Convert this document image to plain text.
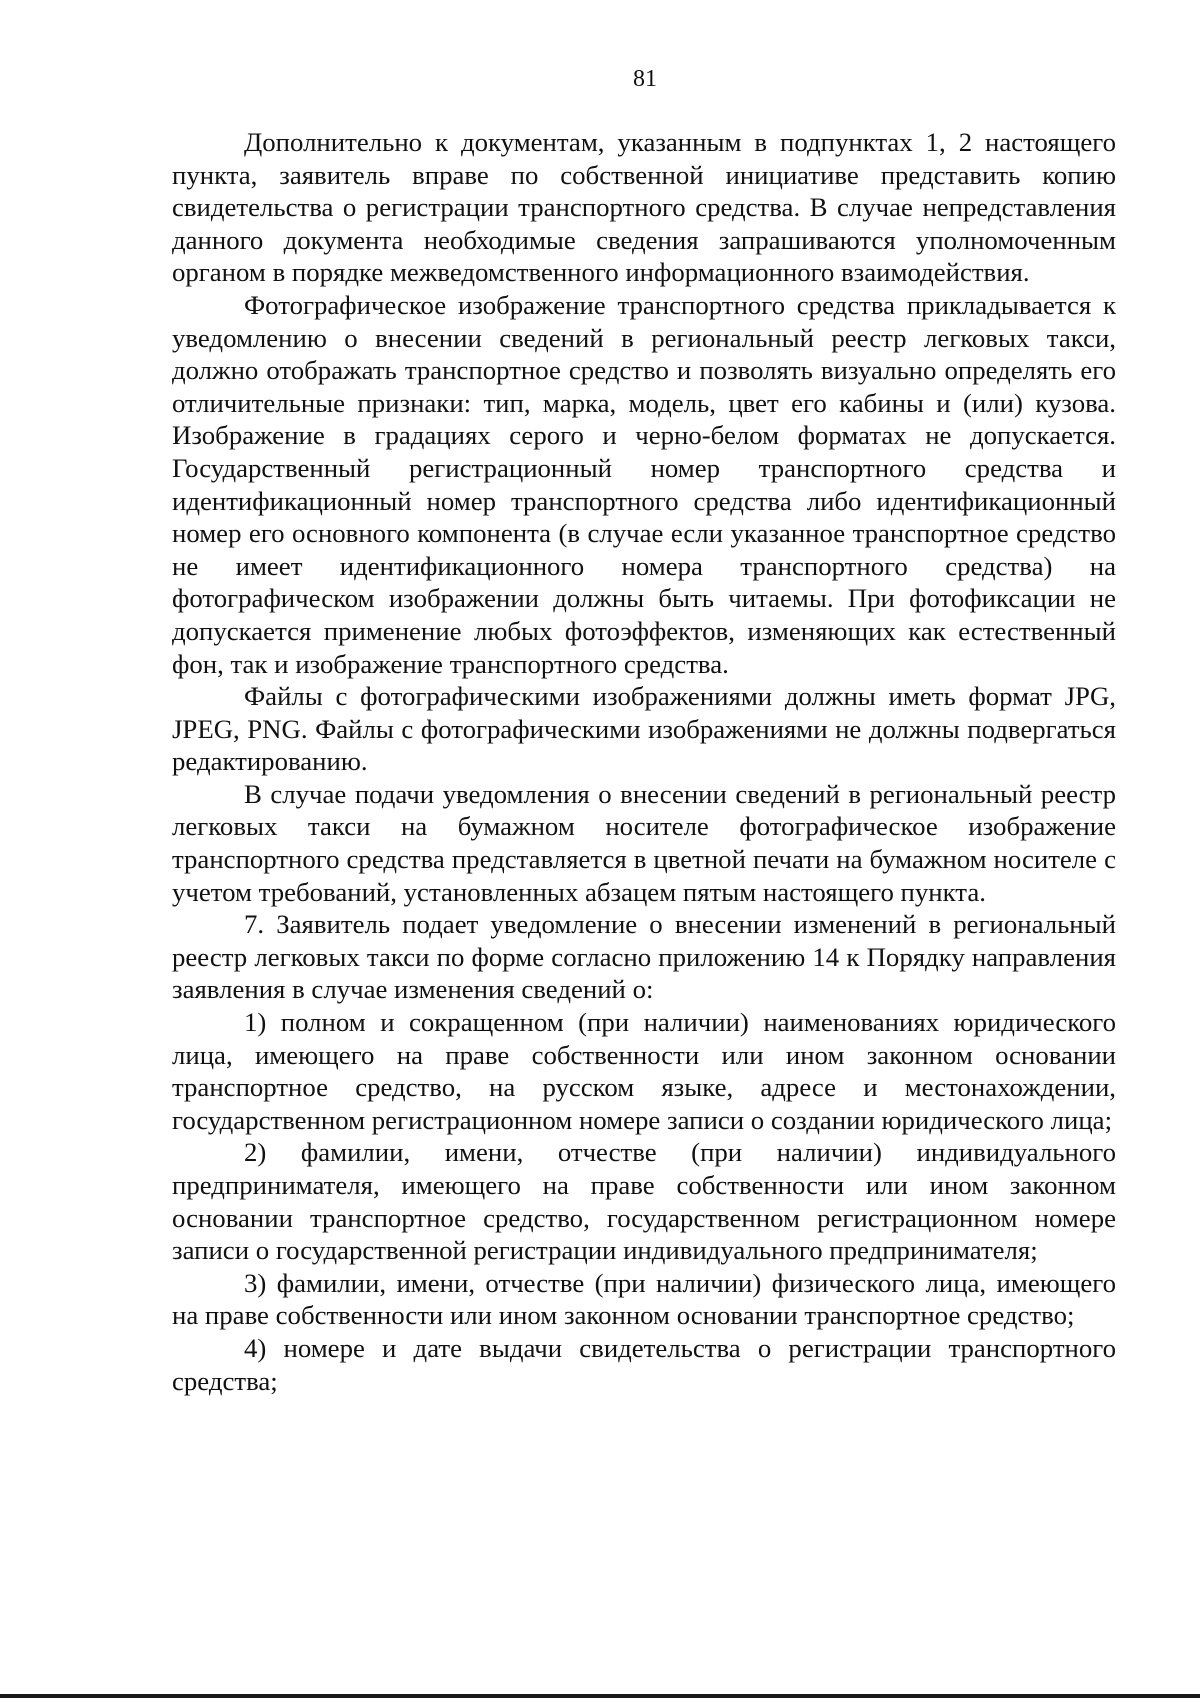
81

Дополнительно к документам, указанным в подпунктах 1, 2 настоящего пункта, заявитель вправе по собственной инициативе представить копию свидетельства о регистрации транспортного средства. В случае непредставления данного документа необходимые сведения запрашиваются уполномоченным органом в порядке межведомственного информационного взаимодействия.

Фотографическое изображение транспортного средства прикладывается к уведомлению о внесении сведений в региональный реестр легковых такси, должно отображать транспортное средство и позволять визуально определять его отличительные признаки: тип, марка, модель, цвет его кабины и (или) кузова. Изображение в градациях серого и черно-белом форматах не допускается. Государственный регистрационный номер транспортного средства и идентификационный номер транспортного средства либо идентификационный номер его основного компонента (в случае если указанное транспортное средство не имеет идентификационного номера транспортного средства) на фотографическом изображении должны быть читаемы. При фотофиксации не допускается применение любых фотоэффектов, изменяющих как естественный фон, так и изображение транспортного средства.

Файлы с фотографическими изображениями должны иметь формат JPG, JPEG, PNG. Файлы с фотографическими изображениями не должны подвергаться редактированию.

В случае подачи уведомления о внесении сведений в региональный реестр легковых такси на бумажном носителе фотографическое изображение транспортного средства представляется в цветной печати на бумажном носителе с учетом требований, установленных абзацем пятым настоящего пункта.

7. Заявитель подает уведомление о внесении изменений в региональный реестр легковых такси по форме согласно приложению 14 к Порядку направления заявления в случае изменения сведений о:

1) полном и сокращенном (при наличии) наименованиях юридического лица, имеющего на праве собственности или ином законном основании транспортное средство, на русском языке, адресе и местонахождении, государственном регистрационном номере записи о создании юридического лица;

2) фамилии, имени, отчестве (при наличии) индивидуального предпринимателя, имеющего на праве собственности или ином законном основании транспортное средство, государственном регистрационном номере записи о государственной регистрации индивидуального предпринимателя;

3) фамилии, имени, отчестве (при наличии) физического лица, имеющего на праве собственности или ином законном основании транспортное средство;

4) номере и дате выдачи свидетельства о регистрации транспортного средства;
